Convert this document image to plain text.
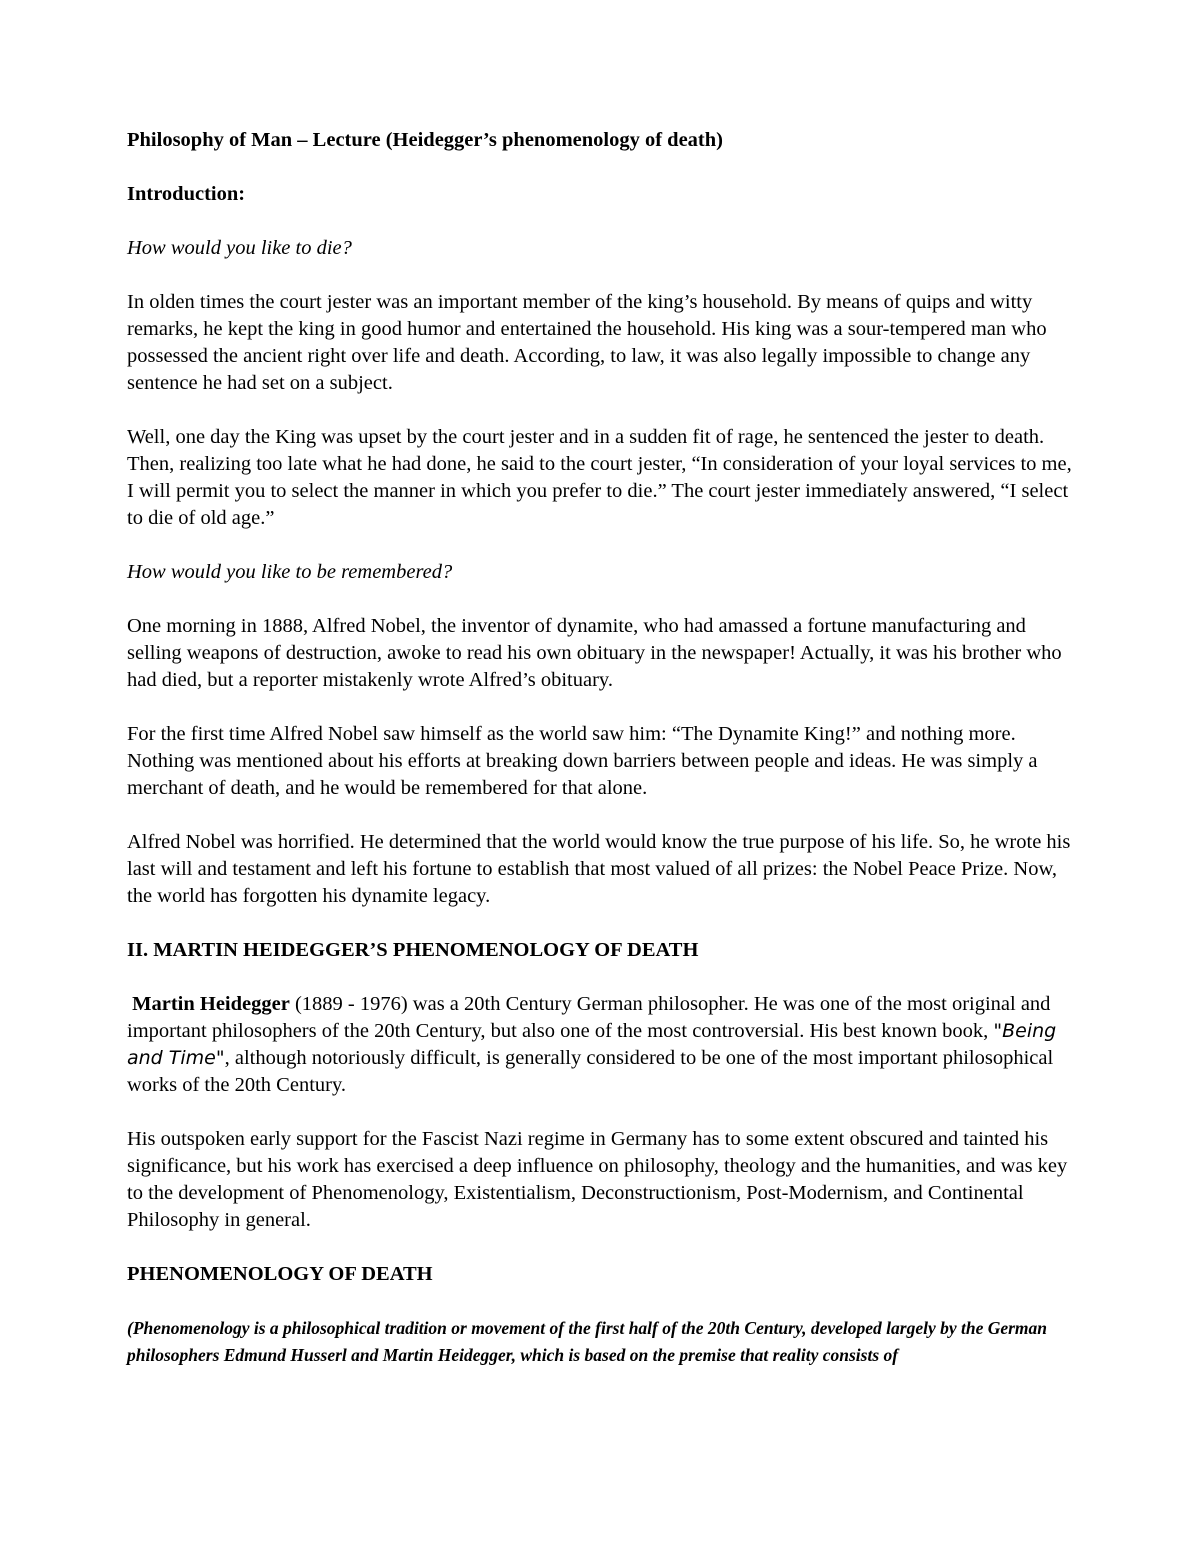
Philosophy of Man – Lecture (Heidegger’s phenomenology of death)

Introduction:

How would you like to die?

In olden times the court jester was an important member of the king’s household. By means of quips and witty remarks, he kept the king in good humor and entertained the household. His king was a sour-tempered man who possessed the ancient right over life and death. According, to law, it was also legally impossible to change any sentence he had set on a subject.

Well, one day the King was upset by the court jester and in a sudden fit of rage, he sentenced the jester to death. Then, realizing too late what he had done, he said to the court jester, “In consideration of your loyal services to me, I will permit you to select the manner in which you prefer to die.” The court jester immediately answered, “I select to die of old age.”

How would you like to be remembered?

One morning in 1888, Alfred Nobel, the inventor of dynamite, who had amassed a fortune manufacturing and selling weapons of destruction, awoke to read his own obituary in the newspaper! Actually, it was his brother who had died, but a reporter mistakenly wrote Alfred’s obituary.

For the first time Alfred Nobel saw himself as the world saw him: “The Dynamite King!” and nothing more. Nothing was mentioned about his efforts at breaking down barriers between people and ideas. He was simply a merchant of death, and he would be remembered for that alone.

Alfred Nobel was horrified. He determined that the world would know the true purpose of his life. So, he wrote his last will and testament and left his fortune to establish that most valued of all prizes: the Nobel Peace Prize. Now, the world has forgotten his dynamite legacy.

II. MARTIN HEIDEGGER’S PHENOMENOLOGY OF DEATH

Martin Heidegger (1889 - 1976) was a 20th Century German philosopher. He was one of the most original and important philosophers of the 20th Century, but also one of the most controversial. His best known book, "Being and Time", although notoriously difficult, is generally considered to be one of the most important philosophical works of the 20th Century.

His outspoken early support for the Fascist Nazi regime in Germany has to some extent obscured and tainted his significance, but his work has exercised a deep influence on philosophy, theology and the humanities, and was key to the development of Phenomenology, Existentialism, Deconstructionism, Post-Modernism, and Continental Philosophy in general.

PHENOMENOLOGY OF DEATH

(Phenomenology is a philosophical tradition or movement of the first half of the 20th Century, developed largely by the German philosophers Edmund Husserl and Martin Heidegger, which is based on the premise that reality consists of
